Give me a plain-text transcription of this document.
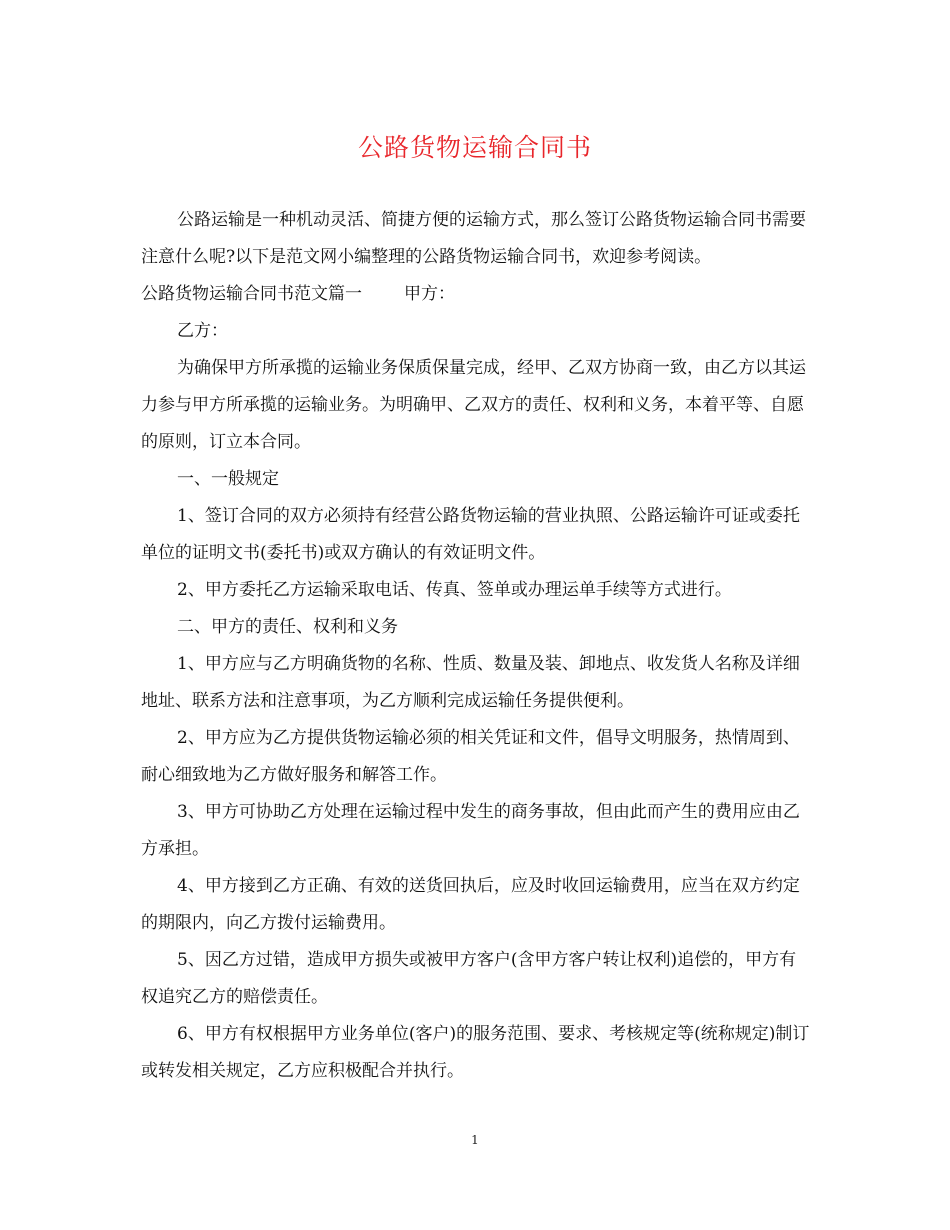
公路货物运输合同书

公路运输是一种机动灵活、简捷方便的运输方式，那么签订公路货物运输合同书需要注意什么呢?以下是范文网小编整理的公路货物运输合同书，欢迎参考阅读。

公路货物运输合同书范文篇一 甲方：

乙方：

为确保甲方所承揽的运输业务保质保量完成，经甲、乙双方协商一致，由乙方以其运力参与甲方所承揽的运输业务。为明确甲、乙双方的责任、权利和义务，本着平等、自愿的原则，订立本合同。

一、一般规定

1、签订合同的双方必须持有经营公路货物运输的营业执照、公路运输许可证或委托单位的证明文书(委托书)或双方确认的有效证明文件。

2、甲方委托乙方运输采取电话、传真、签单或办理运单手续等方式进行。

二、甲方的责任、权利和义务

1、甲方应与乙方明确货物的名称、性质、数量及装、卸地点、收发货人名称及详细地址、联系方法和注意事项，为乙方顺利完成运输任务提供便利。

2、甲方应为乙方提供货物运输必须的相关凭证和文件，倡导文明服务，热情周到、耐心细致地为乙方做好服务和解答工作。

3、甲方可协助乙方处理在运输过程中发生的商务事故，但由此而产生的费用应由乙方承担。

4、甲方接到乙方正确、有效的送货回执后，应及时收回运输费用，应当在双方约定的期限内，向乙方拨付运输费用。

5、因乙方过错，造成甲方损失或被甲方客户(含甲方客户转让权利)追偿的，甲方有权追究乙方的赔偿责任。

6、甲方有权根据甲方业务单位(客户)的服务范围、要求、考核规定等(统称规定)制订或转发相关规定，乙方应积极配合并执行。

1
